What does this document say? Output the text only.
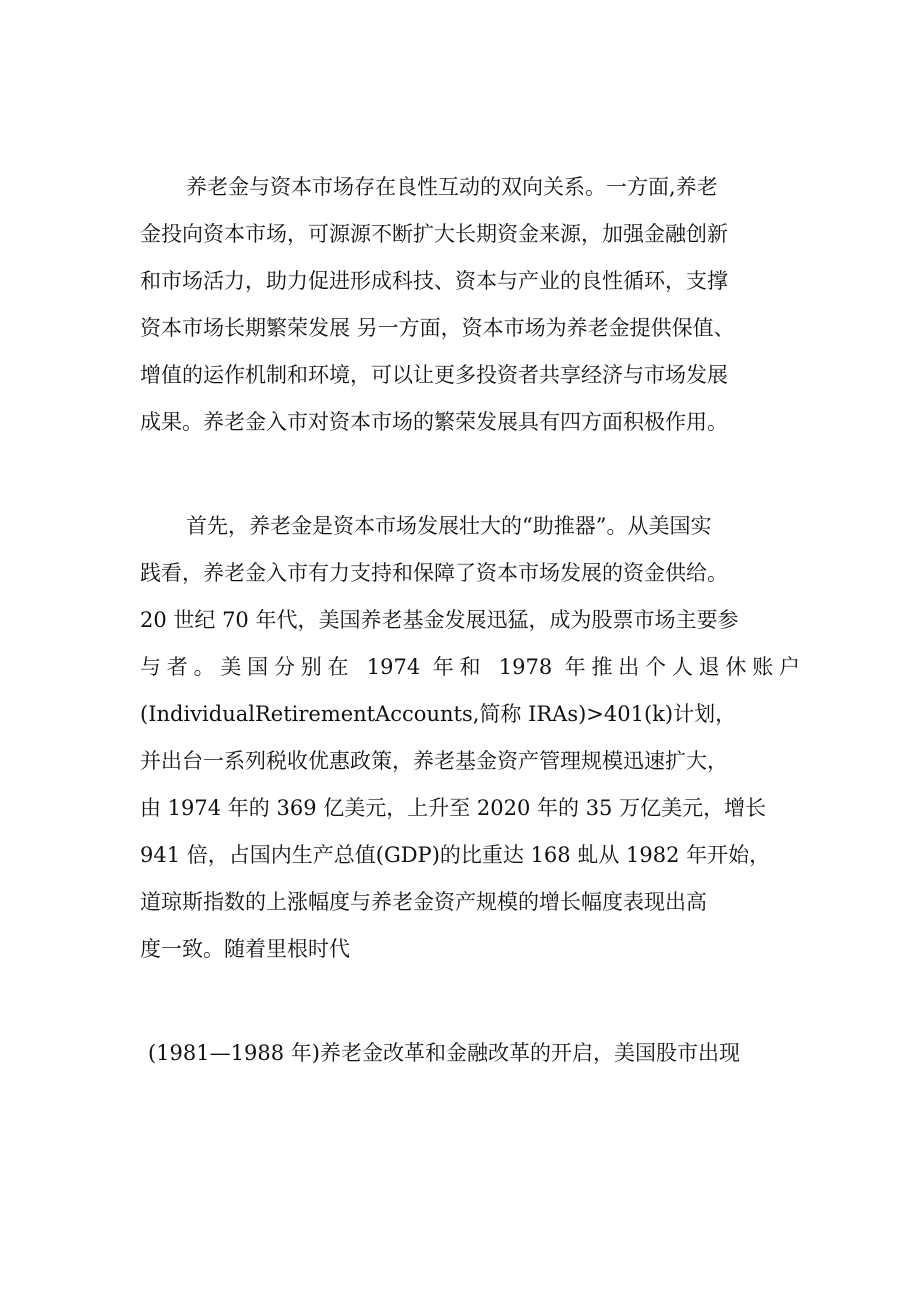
养老金与资本市场存在良性互动的双向关系。一方面,养老
金投向资本市场，可源源不断扩大长期资金来源，加强金融创新
和市场活力，助力促进形成科技、资本与产业的良性循环，支撑
资本市场长期繁荣发展 另一方面，资本市场为养老金提供保值、
增值的运作机制和环境，可以让更多投资者共享经济与市场发展
成果。养老金入市对资本市场的繁荣发展具有四方面积极作用。
首先，养老金是资本市场发展壮大的“助推器”。从美国实
践看，养老金入市有力支持和保障了资本市场发展的资金供给。
20 世纪 70 年代，美国养老基金发展迅猛，成为股票市场主要参
与者。美国分别在 1974 年和 1978 年推出个人退休账户
(IndividualRetirementAccounts,简称 IRAs)>401(k)计划，
并出台一系列税收优惠政策，养老基金资产管理规模迅速扩大，
由 1974 年的 369 亿美元，上升至 2020 年的 35 万亿美元，增长
941 倍，占国内生产总值(GDP)的比重达 168 虬从 1982 年开始，
道琼斯指数的上涨幅度与养老金资产规模的增长幅度表现出高
度一致。随着里根时代
(1981—1988 年)养老金改革和金融改革的开启，美国股市出现
